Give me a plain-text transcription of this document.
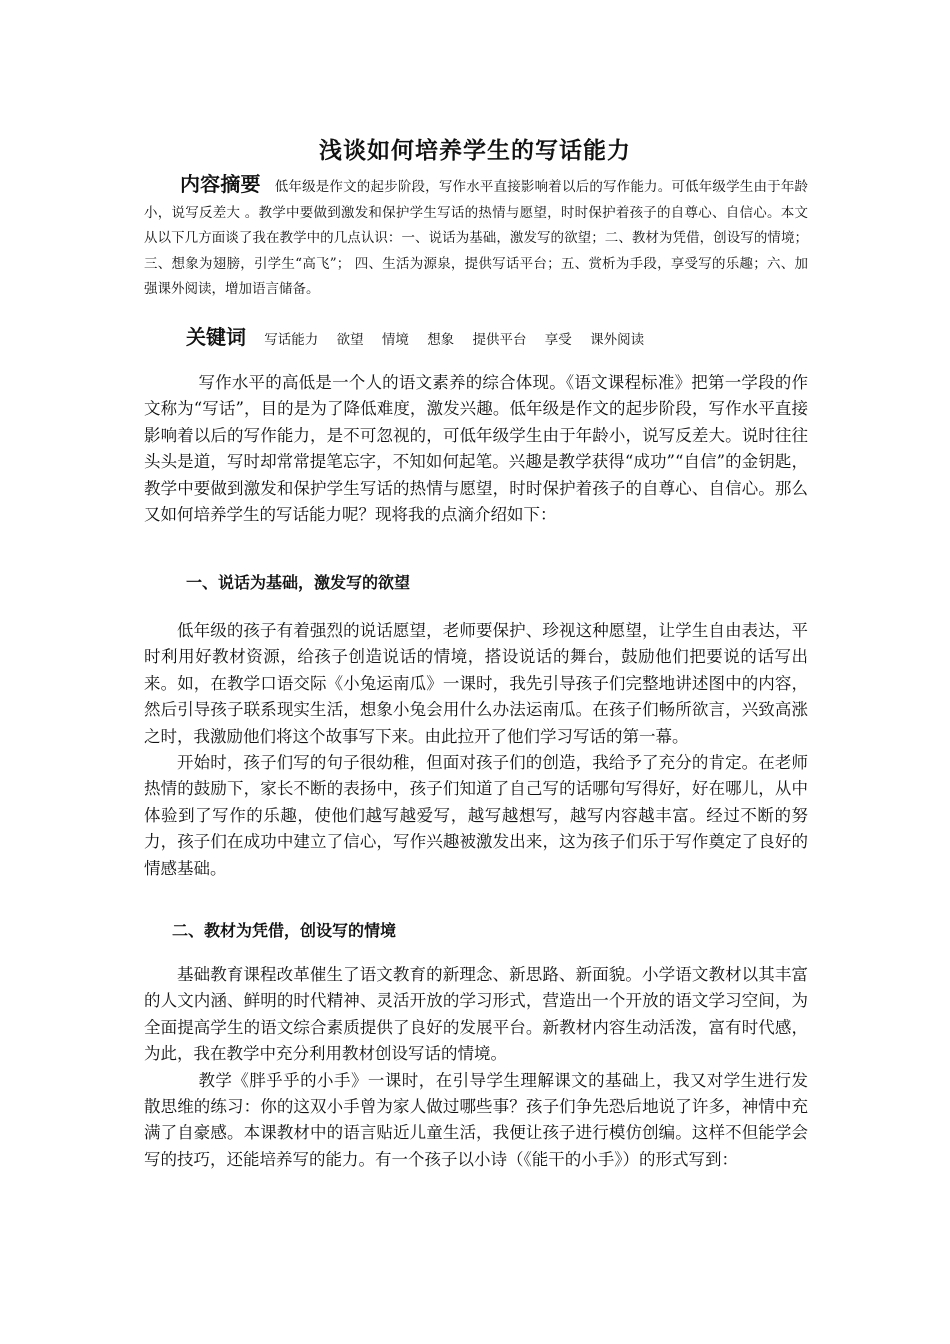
浅谈如何培养学生的写话能力
内容摘要 低年级是作文的起步阶段，写作水平直接影响着以后的写作能力。可低年级学生由于年龄小，说写反差大 。教学中要做到激发和保护学生写话的热情与愿望，时时保护着孩子的自尊心、自信心。本文从以下几方面谈了我在教学中的几点认识：一、说话为基础，激发写的欲望；二、教材为凭借，创设写的情境；三、想象为翅膀，引学生“高飞”； 四、生活为源泉，提供写话平台；五、赏析为手段，享受写的乐趣；六、加强课外阅读，增加语言储备。
关键词 写话能力 欲望 情境 想象 提供平台 享受 课外阅读

写作水平的高低是一个人的语文素养的综合体现。《语文课程标准》把第一学段的作文称为“写话”，目的是为了降低难度，激发兴趣。低年级是作文的起步阶段，写作水平直接影响着以后的写作能力，是不可忽视的，可低年级学生由于年龄小，说写反差大。说时往往头头是道，写时却常常提笔忘字，不知如何起笔。兴趣是教学获得“成功”“自信”的金钥匙，教学中要做到激发和保护学生写话的热情与愿望，时时保护着孩子的自尊心、自信心。那么又如何培养学生的写话能力呢？现将我的点滴介绍如下：

一、说话为基础，激发写的欲望

低年级的孩子有着强烈的说话愿望，老师要保护、珍视这种愿望，让学生自由表达，平时利用好教材资源，给孩子创造说话的情境，搭设说话的舞台，鼓励他们把要说的话写出来。如，在教学口语交际《小兔运南瓜》一课时，我先引导孩子们完整地讲述图中的内容，然后引导孩子联系现实生活，想象小兔会用什么办法运南瓜。在孩子们畅所欲言，兴致高涨之时，我激励他们将这个故事写下来。由此拉开了他们学习写话的第一幕。

开始时，孩子们写的句子很幼稚，但面对孩子们的创造，我给予了充分的肯定。在老师热情的鼓励下，家长不断的表扬中，孩子们知道了自己写的话哪句写得好，好在哪儿，从中体验到了写作的乐趣，使他们越写越爱写，越写越想写，越写内容越丰富。经过不断的努力，孩子们在成功中建立了信心，写作兴趣被激发出来，这为孩子们乐于写作奠定了良好的情感基础。

二、教材为凭借，创设写的情境

基础教育课程改革催生了语文教育的新理念、新思路、新面貌。小学语文教材以其丰富的人文内涵、鲜明的时代精神、灵活开放的学习形式，营造出一个开放的语文学习空间，为全面提高学生的语文综合素质提供了良好的发展平台。新教材内容生动活泼，富有时代感，为此，我在教学中充分利用教材创设写话的情境。

教学《胖乎乎的小手》一课时，在引导学生理解课文的基础上，我又对学生进行发散思维的练习：你的这双小手曾为家人做过哪些事？孩子们争先恐后地说了许多，神情中充满了自豪感。本课教材中的语言贴近儿童生活，我便让孩子进行模仿创编。这样不但能学会写的技巧，还能培养写的能力。有一个孩子以小诗（《能干的小手》）的形式写到：
